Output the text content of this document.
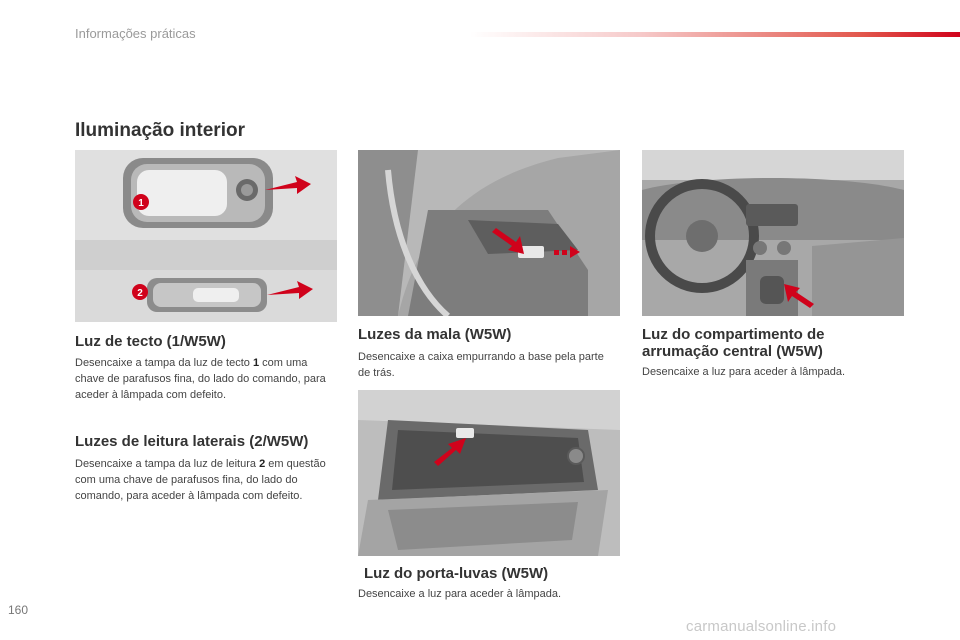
Informações práticas
Iluminação interior
1
2
Luz de tecto (1/W5W)
Desencaixe a tampa da luz de tecto 1 com uma chave de parafusos fina, do lado do comando, para aceder à lâmpada com defeito.
Luzes de leitura laterais (2/W5W)
Desencaixe a tampa da luz de leitura 2 em questão com uma chave de parafusos fina, do lado do comando, para aceder à lâmpada com defeito.
Luzes da mala (W5W)
Desencaixe a caixa empurrando a base pela parte de trás.
Luz do porta-luvas (W5W)
Desencaixe a luz para aceder à lâmpada.
Luz do compartimento de
arrumação central (W5W)
Desencaixe a luz para aceder à lâmpada.
160
carmanualsonline.info
